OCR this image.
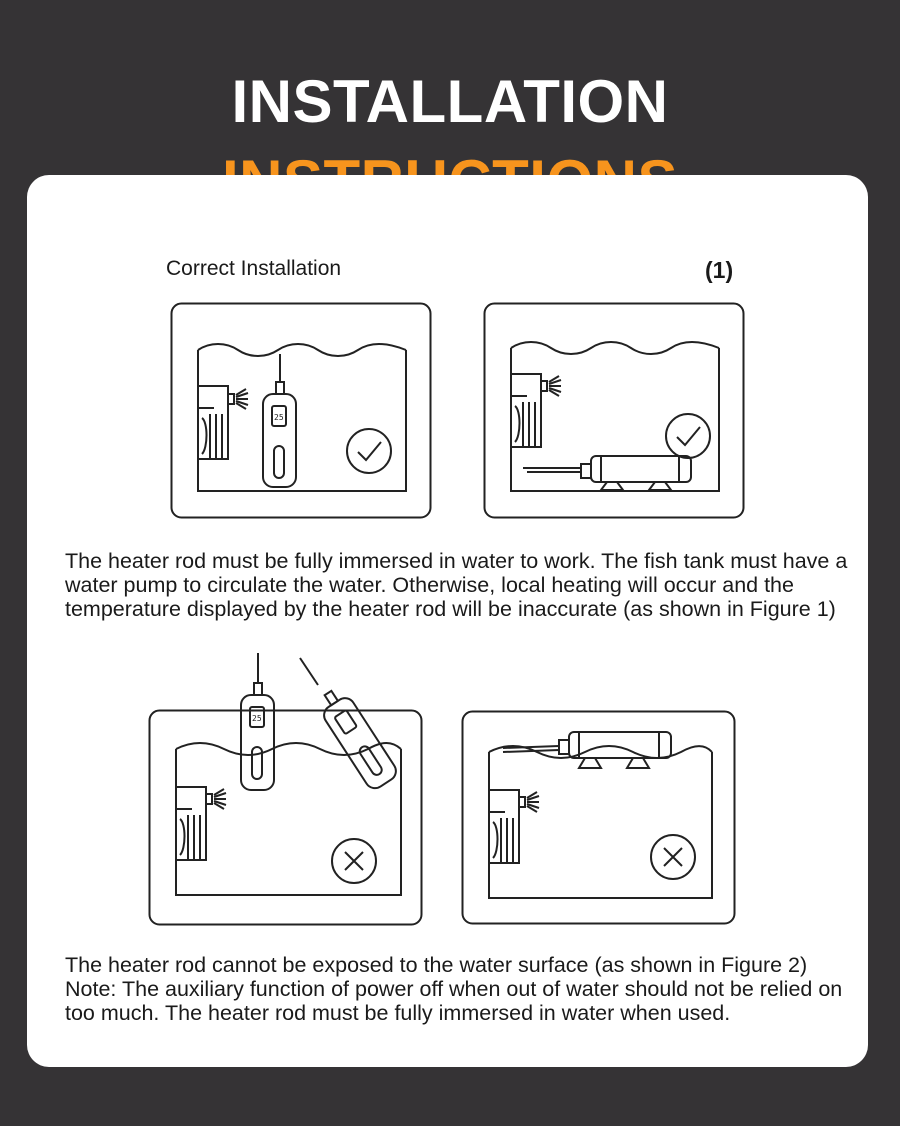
INSTALLATION
Correct Installation	(1)
25

The heater rod must be fully immersed in water to work. The fish tank must have a water pump to circulate the water. Otherwise, local heating will occur and the temperature displayed by the heater rod will be inaccurate (as shown in Figure 1)

25

The heater rod cannot be exposed to the water surface (as shown in Figure 2) Note: The auxiliary function of power off when out of water should not be relied on too much. The heater rod must be fully immersed in water when used.
